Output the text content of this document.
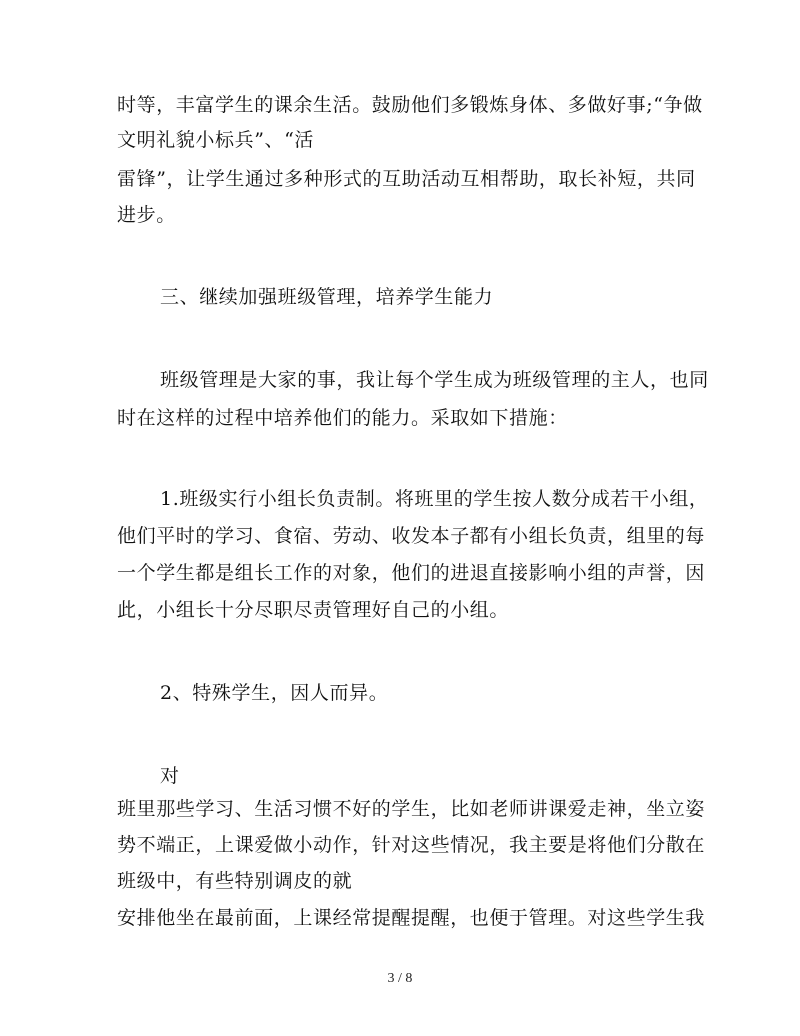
时等，丰富学生的课余生活。鼓励他们多锻炼身体、多做好事;“争做
文明礼貌小标兵”、“活
雷锋”，让学生通过多种形式的互助活动互相帮助，取长补短，共同
进步。
三、继续加强班级管理，培养学生能力
班级管理是大家的事，我让每个学生成为班级管理的主人，也同
时在这样的过程中培养他们的能力。采取如下措施：
1.班级实行小组长负责制。将班里的学生按人数分成若干小组，
他们平时的学习、食宿、劳动、收发本子都有小组长负责，组里的每
一个学生都是组长工作的对象，他们的进退直接影响小组的声誉，因
此，小组长十分尽职尽责管理好自己的小组。
2、特殊学生，因人而异。
对
班里那些学习、生活习惯不好的学生，比如老师讲课爱走神，坐立姿
势不端正，上课爱做小动作，针对这些情况，我主要是将他们分散在
班级中，有些特别调皮的就
安排他坐在最前面，上课经常提醒提醒，也便于管理。对这些学生我
3 / 8
